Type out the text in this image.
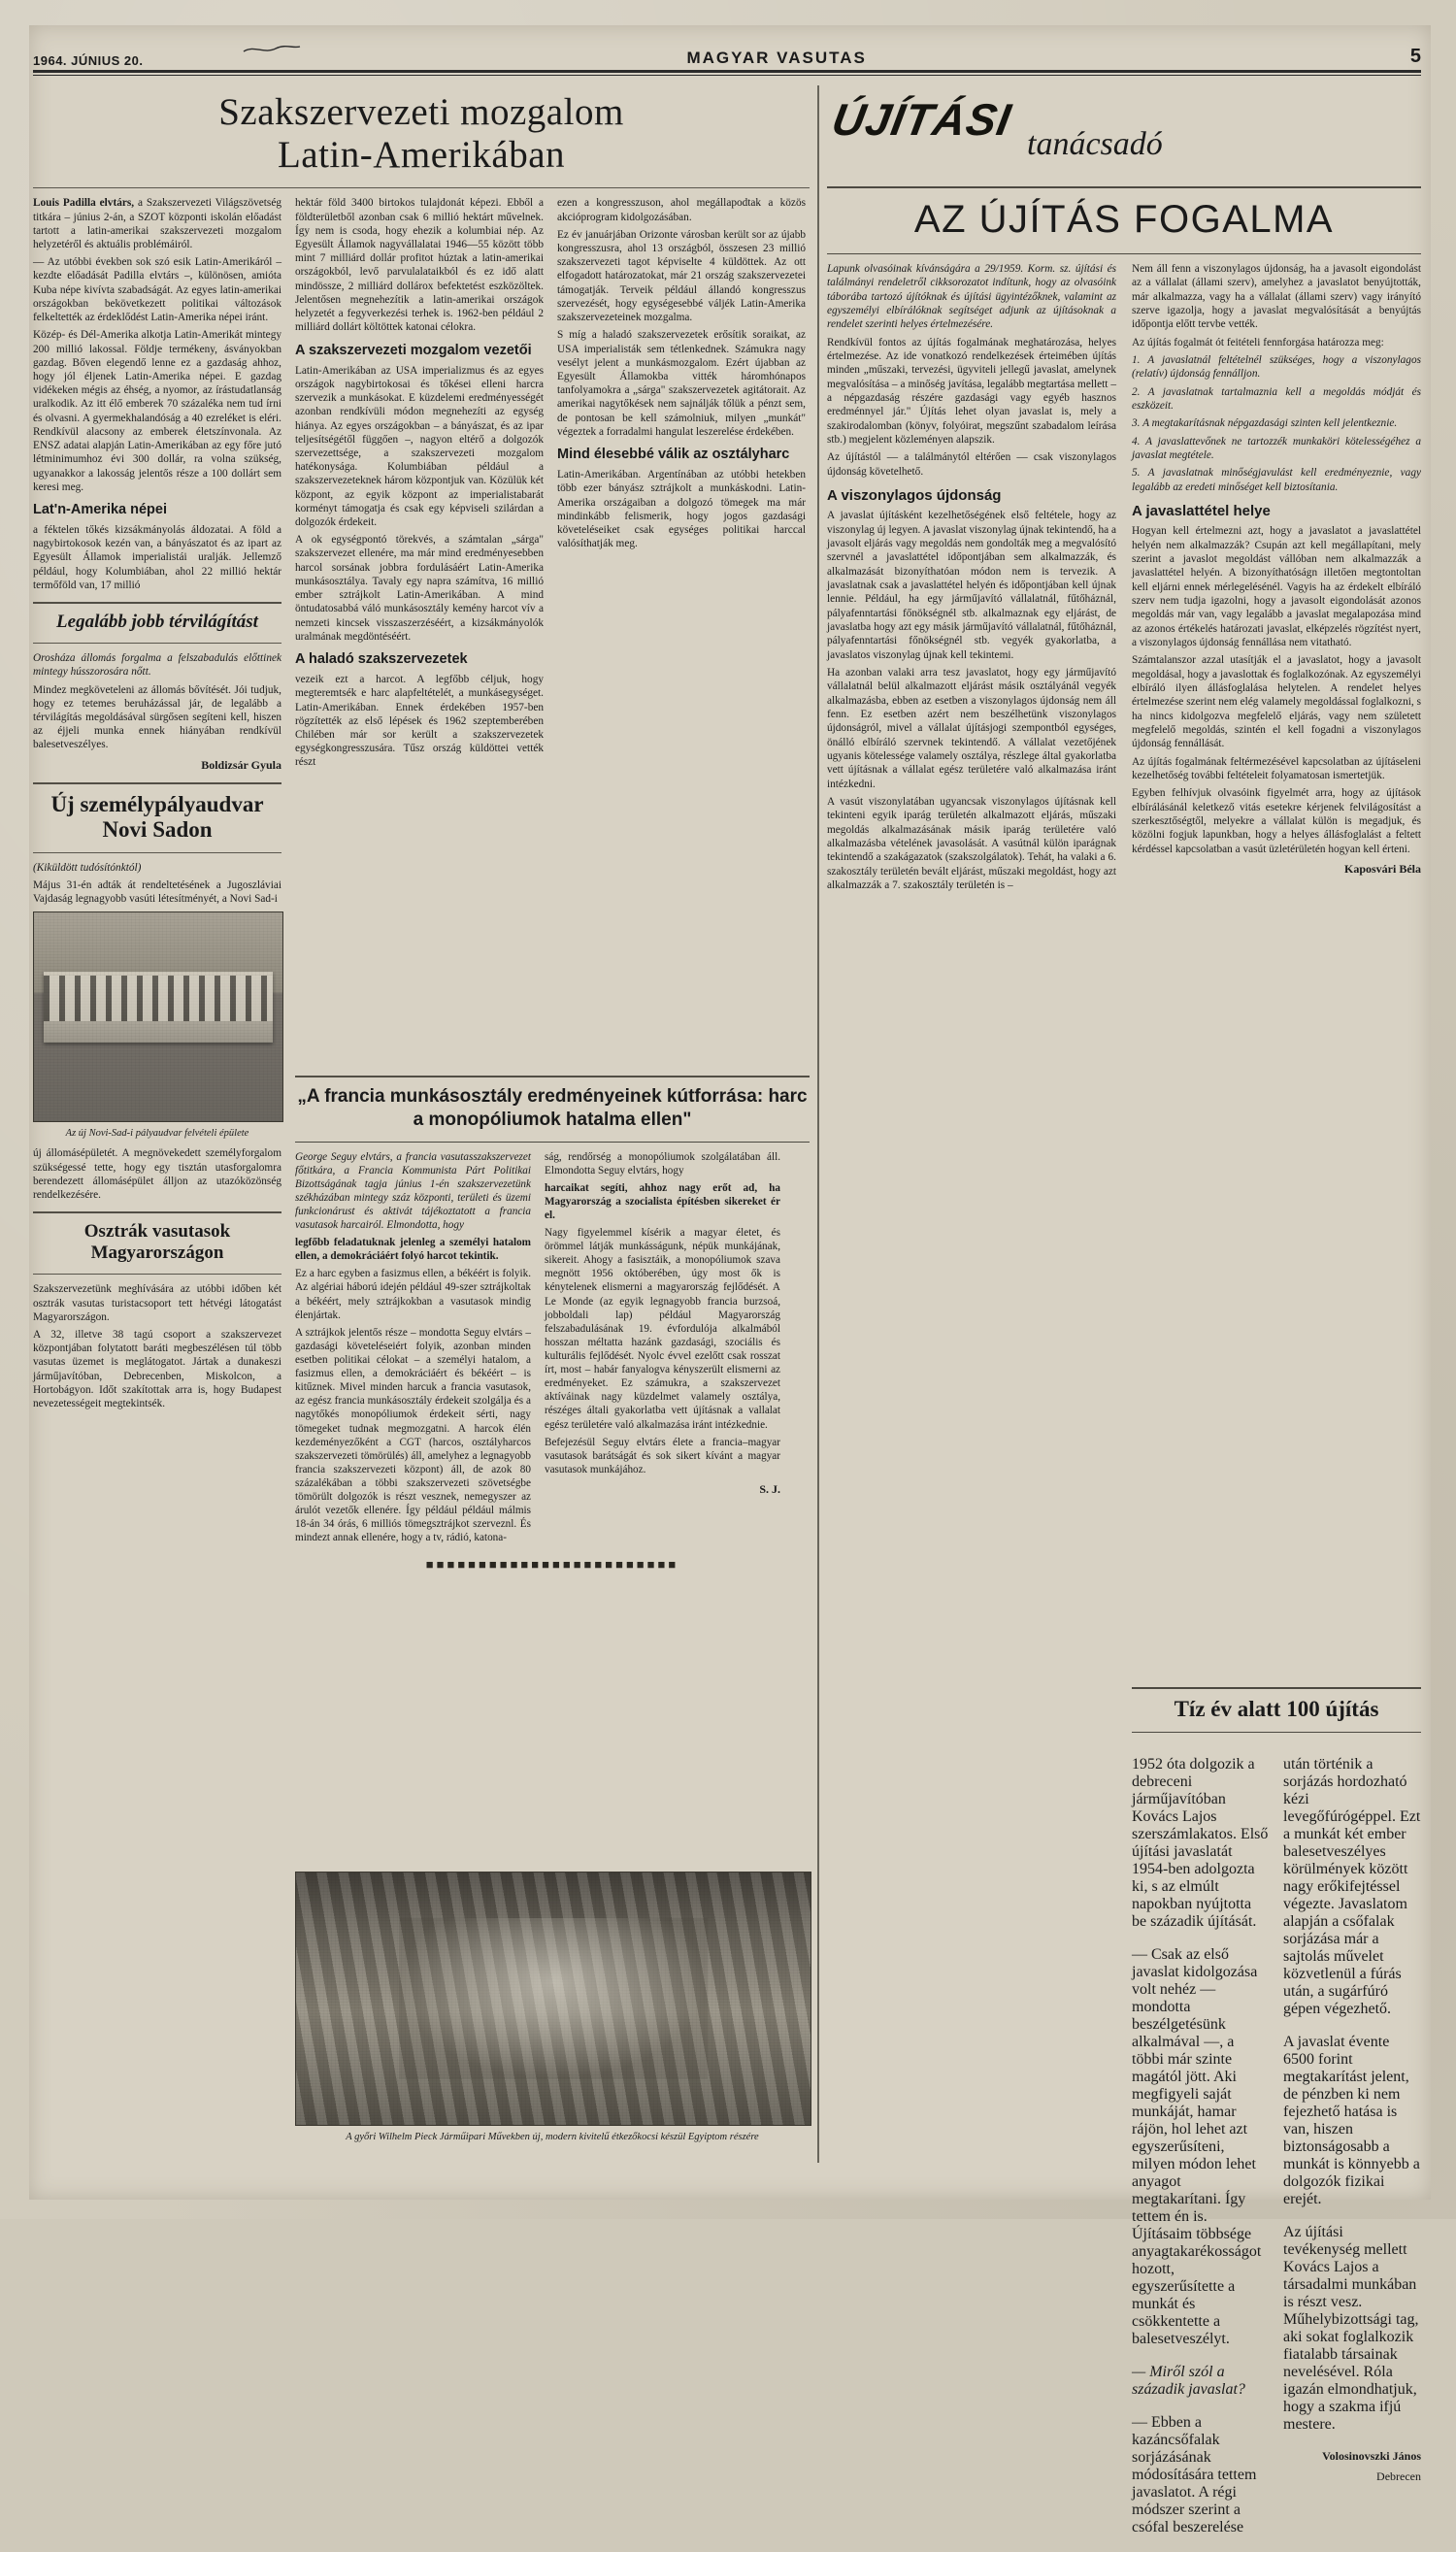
1964. JÚNIUS 20.	MAGYAR VASUTAS	5
Szakszervezeti mozgalom
Latin-Amerikában

Louis Padilla elvtárs, a Szakszervezeti Világszövetség titkára – június 2-án, a SZOT központi iskolán előadást tartott a latin-amerikai szakszervezeti mozgalom helyzetéről és aktuális problémáiról.

— Az utóbbi években sok szó esik Latin-Amerikáról – kezdte előadását Padilla elvtárs –, különösen, amióta Kuba népe kivívta szabadságát. Az egyes latin-amerikai országokban bekövetkezett politikai változások felkeltették az érdeklődést Latin-Amerika népei iránt.

Közép- és Dél-Amerika alkotja Latin-Amerikát mintegy 200 millió lakossal. Földje termékeny, ásványokban gazdag. Bőven elegendő lenne ez a gazdaság ahhoz, hogy jól éljenek Latin-Amerika népei. E gazdag vidékeken mégis az éhség, a nyomor, az írástudatlanság uralkodik. Az itt élő emberek 70 százaléka nem tud írni és olvasni. A gyermekhalandóság a 40 ezreléket is eléri. Rendkívül alacsony az emberek életszínvonala. Az ENSZ adatai alapján Latin-Amerikában az egy főre jutó létminimumhoz évi 300 dollár, ra volna szükség, ugyanakkor a lakosság jelentős része a 100 dollárt sem keresi meg.

Lat'n-Amerika népei

a féktelen tőkés kizsákmányolás áldozatai. A föld a nagybirtokosok kezén van, a bányászatot és az ipart az Egyesült Államok imperialistái uralják. Jellemző például, hogy Kolumbiában, ahol 22 millió hektár termőföld van, 17 millió

Legalább jobb térvilágítást

Orosháza állomás forgalma a felszabadulás előttinek mintegy hússzorosára nőtt.

Mindez megköveteleni az állomás bővítését. Jói tudjuk, hogy ez tetemes beruházással jár, de legalább a térvilágítás megoldásával sürgősen segíteni kell, hiszen az éjjeli munka ennek hiányában rendkívül balesetveszélyes.

Boldizsár Gyula
Új személypályaudvar Novi Sadon

(Kiküldött tudósítónktól)

Május 31-én adták át rendeltetésének a Jugoszláviai Vajdaság legnagyobb vasúti létesítményét, a Novi Sad-i

Az új Novi-Sad-i pályaudvar felvételi épülete

új állomásépületét. A megnövekedett személyforgalom szükségessé tette, hogy egy tisztán utasforgalomra berendezett állomásépület álljon az utazóközönség rendelkezésére.

Osztrák vasutasok Magyarországon

Szakszervezetünk meghívására az utóbbi időben két osztrák vasutas turistacsoport tett hétvégi látogatást Magyarországon.

A 32, illetve 38 tagú csoport a szakszervezet központjában folytatott baráti megbeszélésen túl több vasutas üzemet is meglátogatot. Jártak a dunakeszi járműjavítóban, Debrecenben, Miskolcon, a Hortobágyon. Időt szakítottak arra is, hogy Budapest nevezetességeit megtekintsék.

hektár föld 3400 birtokos tulajdonát képezi. Ebből a földterületből azonban csak 6 millió hektárt művelnek. Így nem is csoda, hogy ehezik a kolumbiai nép. Az Egyesült Államok nagyvállalatai 1946—55 között több mint 7 milliárd dollár profitot húztak a latin-amerikai országokból, levő parvulalataikból és ez idő alatt mindössze, 2 milliárd dollárox befektetést eszközöltek. Jelentősen megnehezítik a latin-amerikai országok helyzetét a fegyverkezési terhek is. 1962-ben például 2 milliárd dollárt költöttek katonai célokra.

A szakszervezeti mozgalom vezetői

Latin-Amerikában az USA imperializmus és az egyes országok nagybirtokosai és tőkései elleni harcra szervezik a munkásokat. E küzdelemi eredményességét azonban rendkívüli módon megnehezíti az egység hiánya. Az egyes országokban – a bányászat, és az ipar teljesítségétől függően –, nagyon eltérő a dolgozók szervezettsége, a szakszervezeti mozgalom hatékonysága. Kolumbiában például a szakszervezeteknek három központjuk van. Közülük két központ, az egyik központ az imperialistabarát korményt támogatja és csak egy képviseli szilárdan a dolgozók érdekeit.

A ok egységpontó törekvés, a számtalan „sárga" szakszervezet ellenére, ma már mind eredményesebben harcol sorsának jobbra fordulásáért Latin-Amerika munkásosztálya. Tavaly egy napra számítva, 16 millió ember sztrájkolt Latin-Amerikában. A mind öntudatosabbá váló munkásosztály kemény harcot vív a nemzeti kincsek visszaszerzéséért, a kizsákmányolók uralmának megdöntéséért.

A haladó szakszervezetek

vezeik ezt a harcot. A legfőbb céljuk, hogy megteremtsék e harc alapfeltételét, a munkásegységet. Latin-Amerikában. Ennek érdekében 1957-ben rögzítették az első lépések és 1962 szeptemberében Chilében már sor került a szakszervezetek egységkongresszusára. Tűsz ország küldöttei vették részt

ezen a kongresszuson, ahol megállapodtak a közös akcióprogram kidolgozásában.

Ez év januárjában Orizonte városban került sor az újabb kongresszusra, ahol 13 országból, összesen 23 millió szakszervezeti tagot képviselte 4 küldöttek. Az ott elfogadott határozatokat, már 21 ország szakszervezetei támogatják. Terveik például állandó kongresszus szervezését, hogy egységesebbé váljék Latin-Amerika szakszervezeteinek mozgalma.

S míg a haladó szakszervezetek erősítik soraikat, az USA imperialisták sem tétlenkednek. Számukra nagy vesélyt jelent a munkásmozgalom. Ezért újabban az Egyesült Államokba vitték háromhónapos tanfolyamokra a „sárga" szakszervezetek agitátorait. Az amerikai nagytőkések nem sajnálják tőlük a pénzt sem, de pontosan be kell számolniuk, milyen „munkát" végeztek a forradalmi hangulat leszerelése érdekében.

Mind élesebbé válik az osztályharc

Latin-Amerikában. Argentínában az utóbbi hetekben több ezer bányász sztrájkolt a munkáskodni. Latin-Amerika országaiban a dolgozó tömegek ma már mindinkább felismerik, hogy jogos gazdasági követeléseiket csak egységes politikai harccal valósíthatják meg.

„A francia munkásosztály eredményeinek kútforrása: harc a monopóliumok hatalma ellen"

George Seguy elvtárs, a francia vasutasszakszervezet főtitkára, a Francia Kommunista Párt Politikai Bizottságának tagja június 1-én szakszervezetünk székházában mintegy száz központi, területi és üzemi funkcionárust és aktivát tájékoztatott a francia vasutasok harcairól. Elmondotta, hogy

legfőbb feladatuknak jelenleg a személyi hatalom ellen, a demokráciáért folyó harcot tekintik.

Ez a harc egyben a fasizmus ellen, a békéért is folyik. Az algériai háború idején például 49-szer sztrájkoltak a békéért, mely sztrájkokban a vasutasok mindig élenjártak.

A sztrájkok jelentős része – mondotta Seguy elvtárs – gazdasági követeléseiért folyik, azonban minden esetben politikai célokat – a személyi hatalom, a fasizmus ellen, a demokráciáért és békéért – is kitűznek. Mivel minden harcuk a francia vasutasok, az egész francia munkásosztály érdekeit szolgálja és a nagytőkés monopóliumok érdekeit sérti, nagy tömegeket tudnak megmozgatni. A harcok élén kezdeményezőként a CGT (harcos, osztályharcos szakszervezeti tömörülés) áll, amelyhez a legnagyobb francia szakszervezeti központ) áll, de azok 80 százalékában a többi szakszervezeti szövetségbe tömörült dolgozók is részt vesznek, nemegyszer az árulót vezetők ellenére. Így például például málmis 18-án 34 órás, 6 milliós tömegsztrájkot szerveznl. És mindezt annak ellenére, hogy a tv, rádió, katona-

ság, rendőrség a monopóliumok szolgálatában áll. Elmondotta Seguy elvtárs, hogy

harcaikat segíti, ahhoz nagy erőt ad, ha Magyarország a szocialista építésben sikereket ér el.

Nagy figyelemmel kísérik a magyar életet, és örömmel látják munkásságunk, népük munkájának, sikereit. Ahogy a fasisztáik, a monopóliumok szava megnött 1956 októberében, úgy most ők is kénytelenek elismerni a magyarország fejlődését. A Le Monde (az egyik legnagyobb francia burzsoá, jobboldali lap) például Magyarország felszabadulásának 19. évfordulója alkalmából hosszan méltatta hazánk gazdasági, szociális és kulturális fejlődését. Nyolc évvel ezelőtt csak rosszat írt, most – habár fanyalogva kényszerült elismerni az eredményeket. Ez számukra, a szakszervezet aktíváinak nagy küzdelmet valamely osztálya, részéges általi gyakorlatba vett újításnak a vallalat egész területére való alkalmazása iránt intézkedniе.

Befejezésül Seguy elvtárs élete a francia–magyar vasutasok barátságát és sok sikert kívánt a magyar vasutasok munkájához.

S. J.
■■■■■■■■■■■■■■■■■■■■■■■■
A győri Wilhelm Pieck Járműipari Művekben új, modern kivitelű étkezőkocsi készül Egyiptom részére
ÚJÍTÁSI tanácsadó
AZ ÚJÍTÁS FOGALMA

Lapunk olvasóinak kívánságára a 29/1959. Korm. sz. újítási és találmányi rendeletről cikksorozatot indítunk, hogy az olvasóink táborába tartozó újítóknak és újítási ügyintézőknek, valamint az egyszemélyi elbírálóknak segítséget adjunk az újításoknak a rendelet szerinti helyes értelmezésére.

Rendkívül fontos az újítás fogalmának meghatározása, helyes értelmezése. Az ide vonatkozó rendelkezések érteimében újítás minden „műszaki, tervezési, ügyviteli jellegű javaslat, amelynek megvalósítása – a minőség javítása, legalább megtartása mellett – a népgazdaság részére gazdasági vagy egyéb hasznos eredménnyel jár." Újítás lehet olyan javaslat is, mely a szakirodalomban (könyv, folyóirat, megszűnt szabadalom leírása stb.) megjelent közleményen alapszik.

Az újítástól — a találmánytól eltérően — csak viszonylagos újdonság követelhető.

A viszonylagos újdonság

A javaslat újításként kezelhetőségének első feltétele, hogy az viszonylag új legyen. A javaslat viszonylag újnak tekintendő, ha a javasolt eljárás vagy megoldás nem gondolták meg a megvalósító szervnél a javaslattétel időpontjában sem alkalmazzák, és alkalmazását bizonyíthatóan módon nem is tervezik. A javaslatnak csak a javaslattétel helyén és időpontjában kell újnak lennie. Például, ha egy járműjavító vállalatnál, fűtőháznál, pályafenntartási főnökségnél stb. alkalmaznak egy eljárást, de javaslatba hogy azt egy másik járműjavító vállalatnál, fűtőháznál, pályafenntartási főnökségnél stb. vegyék gyakorlatba, a javaslatos viszonylag újnak kell tekintemi.

Ha azonban valaki arra tesz javaslatot, hogy egy járműjavító vállalatnál belül alkalmazott eljárást másik osztályánál vegyék alkalmazásba, ebben az esetben a viszonylagos újdonság nem áll fenn. Ez esetben azért nem beszélhetünk viszonylagos újdonságról, mivel a vállalat újításjogi szempontból egységes, önálló elbíráló szervnek tekintendő. A vállalat vezetőjének ugyanis kötelessége valamely osztálya, részlege által gyakorlatba vett újításnak a vállalat egész területére való alkalmazása iránt intézkedni.

A vasút viszonylatában ugyancsak viszonylagos újításnak kell tekinteni egyik iparág területén alkalmazott eljárás, műszaki megoldás alkalmazásának másik iparág területére való alkalmazásba vételének javasolását. A vasútnál külön iparágnak tekintendő a szakágazatok (szakszolgálatok). Tehát, ha valaki a 6. szakosztály területén bevált eljárást, műszaki megoldást, hogy azt alkalmazzák a 7. szakosztály területén is –

Nem áll fenn a viszonylagos újdonság, ha a javasolt eigondolást az a vállalat (állami szerv), amelyhez a javaslatot benyújtották, már alkalmazza, vagy ha a vállalat (állami szerv) vagy irányító szerve igazolja, hogy a javaslat megvalósítását a benyújtás időpontja előtt tervbe vették.

Az újítás fogalmát ót feitételi fennforgása határozza meg:

1. A javaslatnál feltételnél szükséges, hogy a viszonylagos (relatív) újdonság fennálljon.

2. A javaslatnak tartalmaznia kell a megoldás módját és eszközeit.

3. A megtakarításnak népgazdasági szinten kell jelentkeznie.

4. A javaslattevőnek ne tartozzék munkaköri kötelességéhez a javaslat megtétele.

5. A javaslatnak minőségjavulást kell eredményeznie, vagy legalább az eredeti minőséget kell biztosítania.

A javaslattétel helye

Hogyan kell értelmezni azt, hogy a javaslatot a javaslattétel helyén nem alkalmazzák? Csupán azt kell megállapítani, mely szerint a javaslot megoldást vállóban nem alkalmazzák a javaslattétel helyén. A bizonyíthatóságn illetően megtontoltan kell eljárni ennek mérlegelésénél. Vagyis ha az érdekelt elbíráló szerv nem tudja igazolni, hogy a javasolt eigondolását azonos megoldás már van, vagy legalább a javaslat megalapozása mind az azonos értékelés határozati javaslat, elképzelés rögzítést nyert, a viszonylagos újdonság fennállása nem vitatható.

Számtalanszor azzal utasítják el a javaslatot, hogy a javasolt megoldásal, hogy a javaslottak és foglalkozónak. Az egyszemélyi elbíráló ilyen állásfoglalása helytelen. A rendelet helyes értelmezése szerint nem elég valamely megoldással foglalkozni, s ha nincs kidolgozva megfelelő eljárás, vagy nem született megfelelő megoldás, szintén el kell fogadni a viszonylagos újdonság fennállását.

Az újítás fogalmának feltérmezésével kapcsolatban az újításeleni kezelhetőség további feltételeit folyamatosan ismertetjük.

Egyben felhívjuk olvasóink figyelmét arra, hogy az újítások elbírálásánál keletkező vitás esetekre kérjenek felvilágosítást a szerkesztőségtől, melyekre a vállalat külön is megadjuk, és közölni fogjuk lapunkban, hogy a helyes állásfoglalást a feltett kérdéssel kapcsolatban a vasút üzletérületén hogyan kell érteni.

Kaposvári Béla
Tíz év alatt 100 újítás

1952 óta dolgozik a debreceni járműjavítóban Kovács Lajos szerszámlakatos. Első újítási javaslatát 1954-ben adolgozta ki, s az elmúlt napokban nyújtotta be századik újítását.

— Csak az első javaslat kidolgozása volt nehéz — mondotta beszélgetésünk alkalmával —, a többi már szinte magától jött. Aki megfigyeli saját munkáját, hamar rájön, hol lehet azt egyszerűsíteni, milyen módon lehet anyagot megtakarítani. Így tettem én is. Újításaim többsége anyagtakarékosságot hozott, egyszerűsítette a munkát és csökkentette a balesetveszélyt.

— Miről szól a századik javaslat?

— Ebben a kazáncsőfalak sorjázásának módosítására tettem javaslatot. A régi módszer szerint a csófal beszerelése

után történik a sorjázás hordozható kézi levegőfúrógéppel. Ezt a munkát két ember balesetveszélyes körülmények között nagy erőkifejtéssel végezte. Javaslatom alapján a csőfalak sorjázása már a sajtolás művelet közvetlenül a fúrás után, a sugárfúró gépen végezhető.

A javaslat évente 6500 forint megtakarítást jelent, de pénzben ki nem fejezhető hatása is van, hiszen biztonságosabb a munkát is könnyebb a dolgozók fizikai erejét.

Az újítási tevékenység mellett Kovács Lajos a társadalmi munkában is részt vesz. Műhelybizottsági tag, aki sokat foglalkozik fiatalabb társainak nevelésével. Róla igazán elmondhatjuk, hogy a szakma ifjú mestere.

Volosinovszki János
Debrecen
